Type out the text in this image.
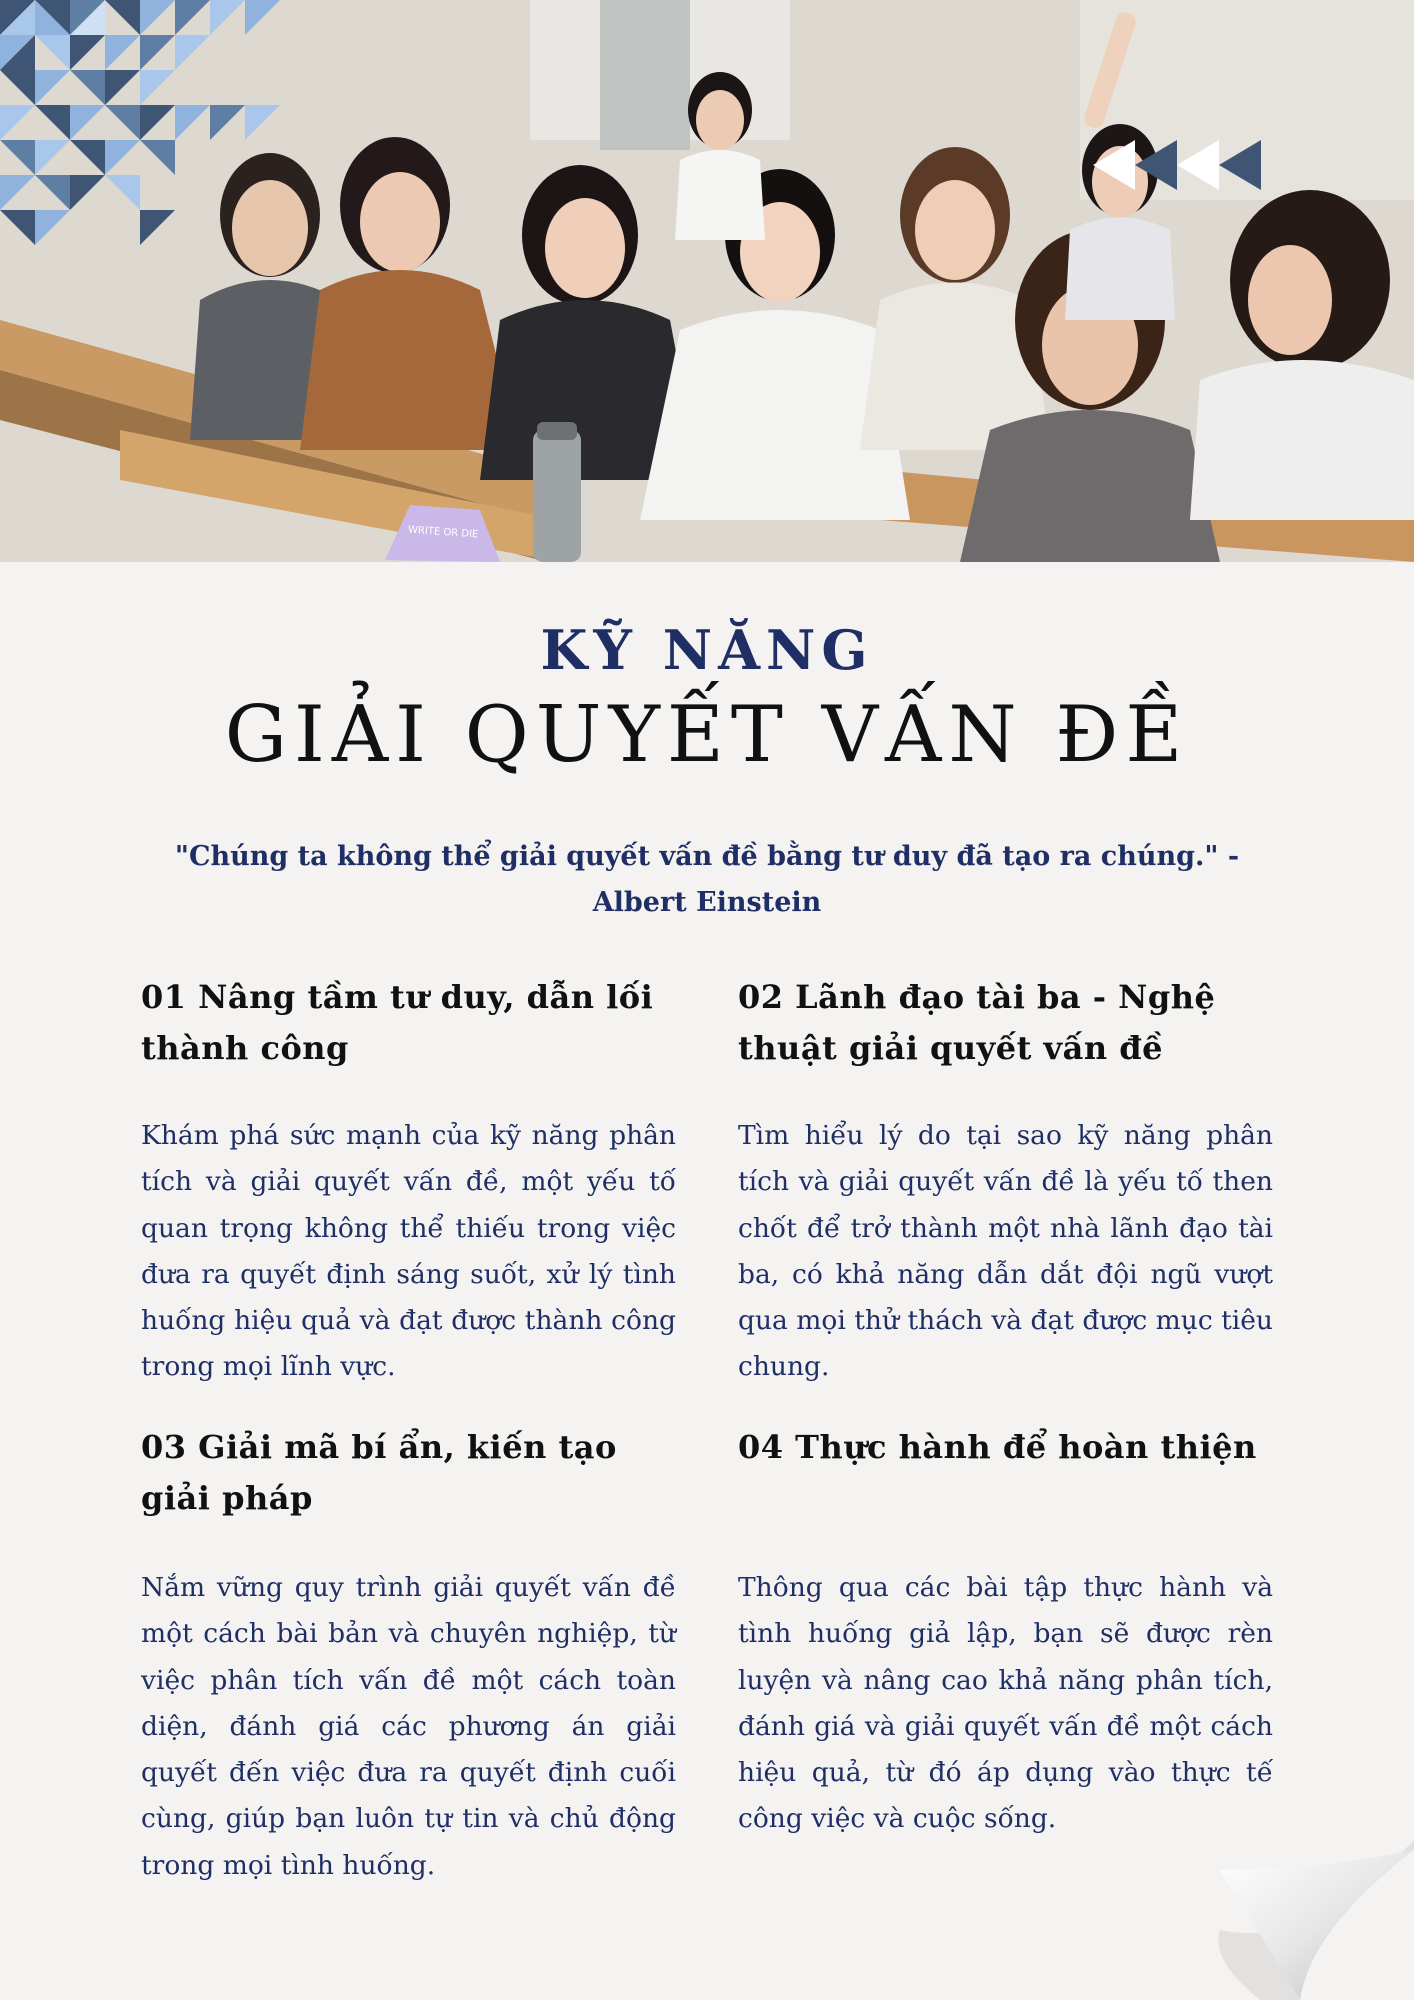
WRITE OR DIE
KỸ NĂNG
GIẢI QUYẾT VẤN ĐỀ
"Chúng ta không thể giải quyết vấn đề bằng tư duy đã tạo ra chúng." - Albert Einstein
01 Nâng tầm tư duy, dẫn lối thành công

Khám phá sức mạnh của kỹ năng phân tích và giải quyết vấn đề, một yếu tố quan trọng không thể thiếu trong việc đưa ra quyết định sáng suốt, xử lý tình huống hiệu quả và đạt được thành công trong mọi lĩnh vực.

02 Lãnh đạo tài ba - Nghệ thuật giải quyết vấn đề

Tìm hiểu lý do tại sao kỹ năng phân tích và giải quyết vấn đề là yếu tố then chốt để trở thành một nhà lãnh đạo tài ba, có khả năng dẫn dắt đội ngũ vượt qua mọi thử thách và đạt được mục tiêu chung.

03 Giải mã bí ẩn, kiến tạo giải pháp

Nắm vững quy trình giải quyết vấn đề một cách bài bản và chuyên nghiệp, từ việc phân tích vấn đề một cách toàn diện, đánh giá các phương án giải quyết đến việc đưa ra quyết định cuối cùng, giúp bạn luôn tự tin và chủ động trong mọi tình huống.

04 Thực hành để hoàn thiện

Thông qua các bài tập thực hành và tình huống giả lập, bạn sẽ được rèn luyện và nâng cao khả năng phân tích, đánh giá và giải quyết vấn đề một cách hiệu quả, từ đó áp dụng vào thực tế công việc và cuộc sống.
